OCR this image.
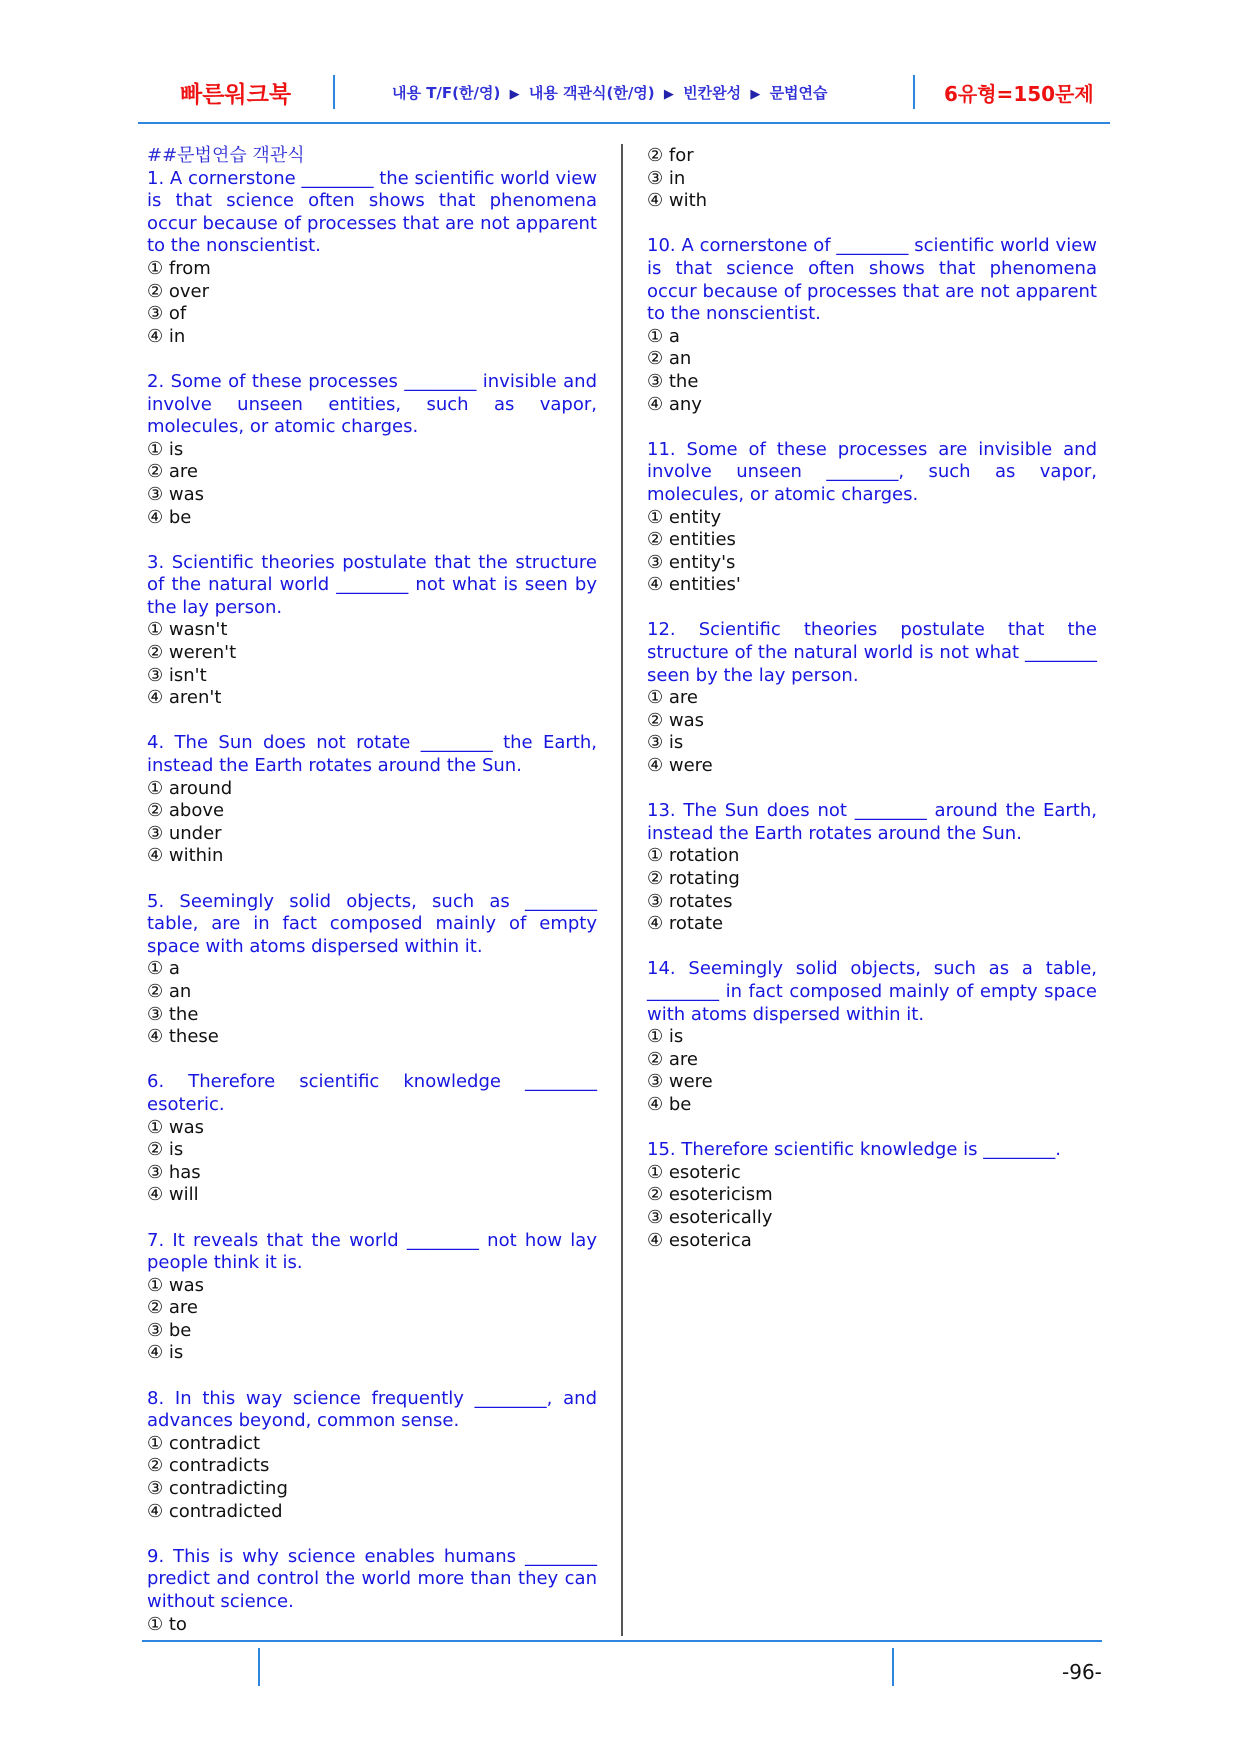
빠른워크북	내용 T/F(한/영) ▶ 내용 객관식(한/영) ▶ 빈칸완성 ▶ 문법연습	6유형=150문제
##문법연습 객관식

1. A cornerstone ________ the scientific world view is that science often shows that phenomena occur because of processes that are not apparent to the nonscientist.

① from

② over

③ of

④ in

2. Some of these processes ________ invisible and involve unseen entities, such as vapor, molecules, or atomic charges.

① is

② are

③ was

④ be

3. Scientific theories postulate that the structure of the natural world ________ not what is seen by the lay person.

① wasn't

② weren't

③ isn't

④ aren't

4. The Sun does not rotate ________ the Earth, instead the Earth rotates around the Sun.

① around

② above

③ under

④ within

5. Seemingly solid objects, such as ________ table, are in fact composed mainly of empty space with atoms dispersed within it.

① a

② an

③ the

④ these

6. Therefore scientific knowledge ________ esoteric.

① was

② is

③ has

④ will

7. It reveals that the world ________ not how lay people think it is.

① was

② are

③ be

④ is

8. In this way science frequently ________, and advances beyond, common sense.

① contradict

② contradicts

③ contradicting

④ contradicted

9. This is why science enables humans ________ predict and control the world more than they can without science.

① to

② for

③ in

④ with

10. A cornerstone of ________ scientific world view is that science often shows that phenomena occur because of processes that are not apparent to the nonscientist.

① a

② an

③ the

④ any

11. Some of these processes are invisible and involve unseen ________, such as vapor, molecules, or atomic charges.

① entity

② entities

③ entity's

④ entities'

12. Scientific theories postulate that the structure of the natural world is not what ________ seen by the lay person.

① are

② was

③ is

④ were

13. The Sun does not ________ around the Earth, instead the Earth rotates around the Sun.

① rotation

② rotating

③ rotates

④ rotate

14. Seemingly solid objects, such as a table, ________ in fact composed mainly of empty space with atoms dispersed within it.

① is

② are

③ were

④ be

15. Therefore scientific knowledge is ________.

① esoteric

② esotericism

③ esoterically

④ esoterica

-96-
